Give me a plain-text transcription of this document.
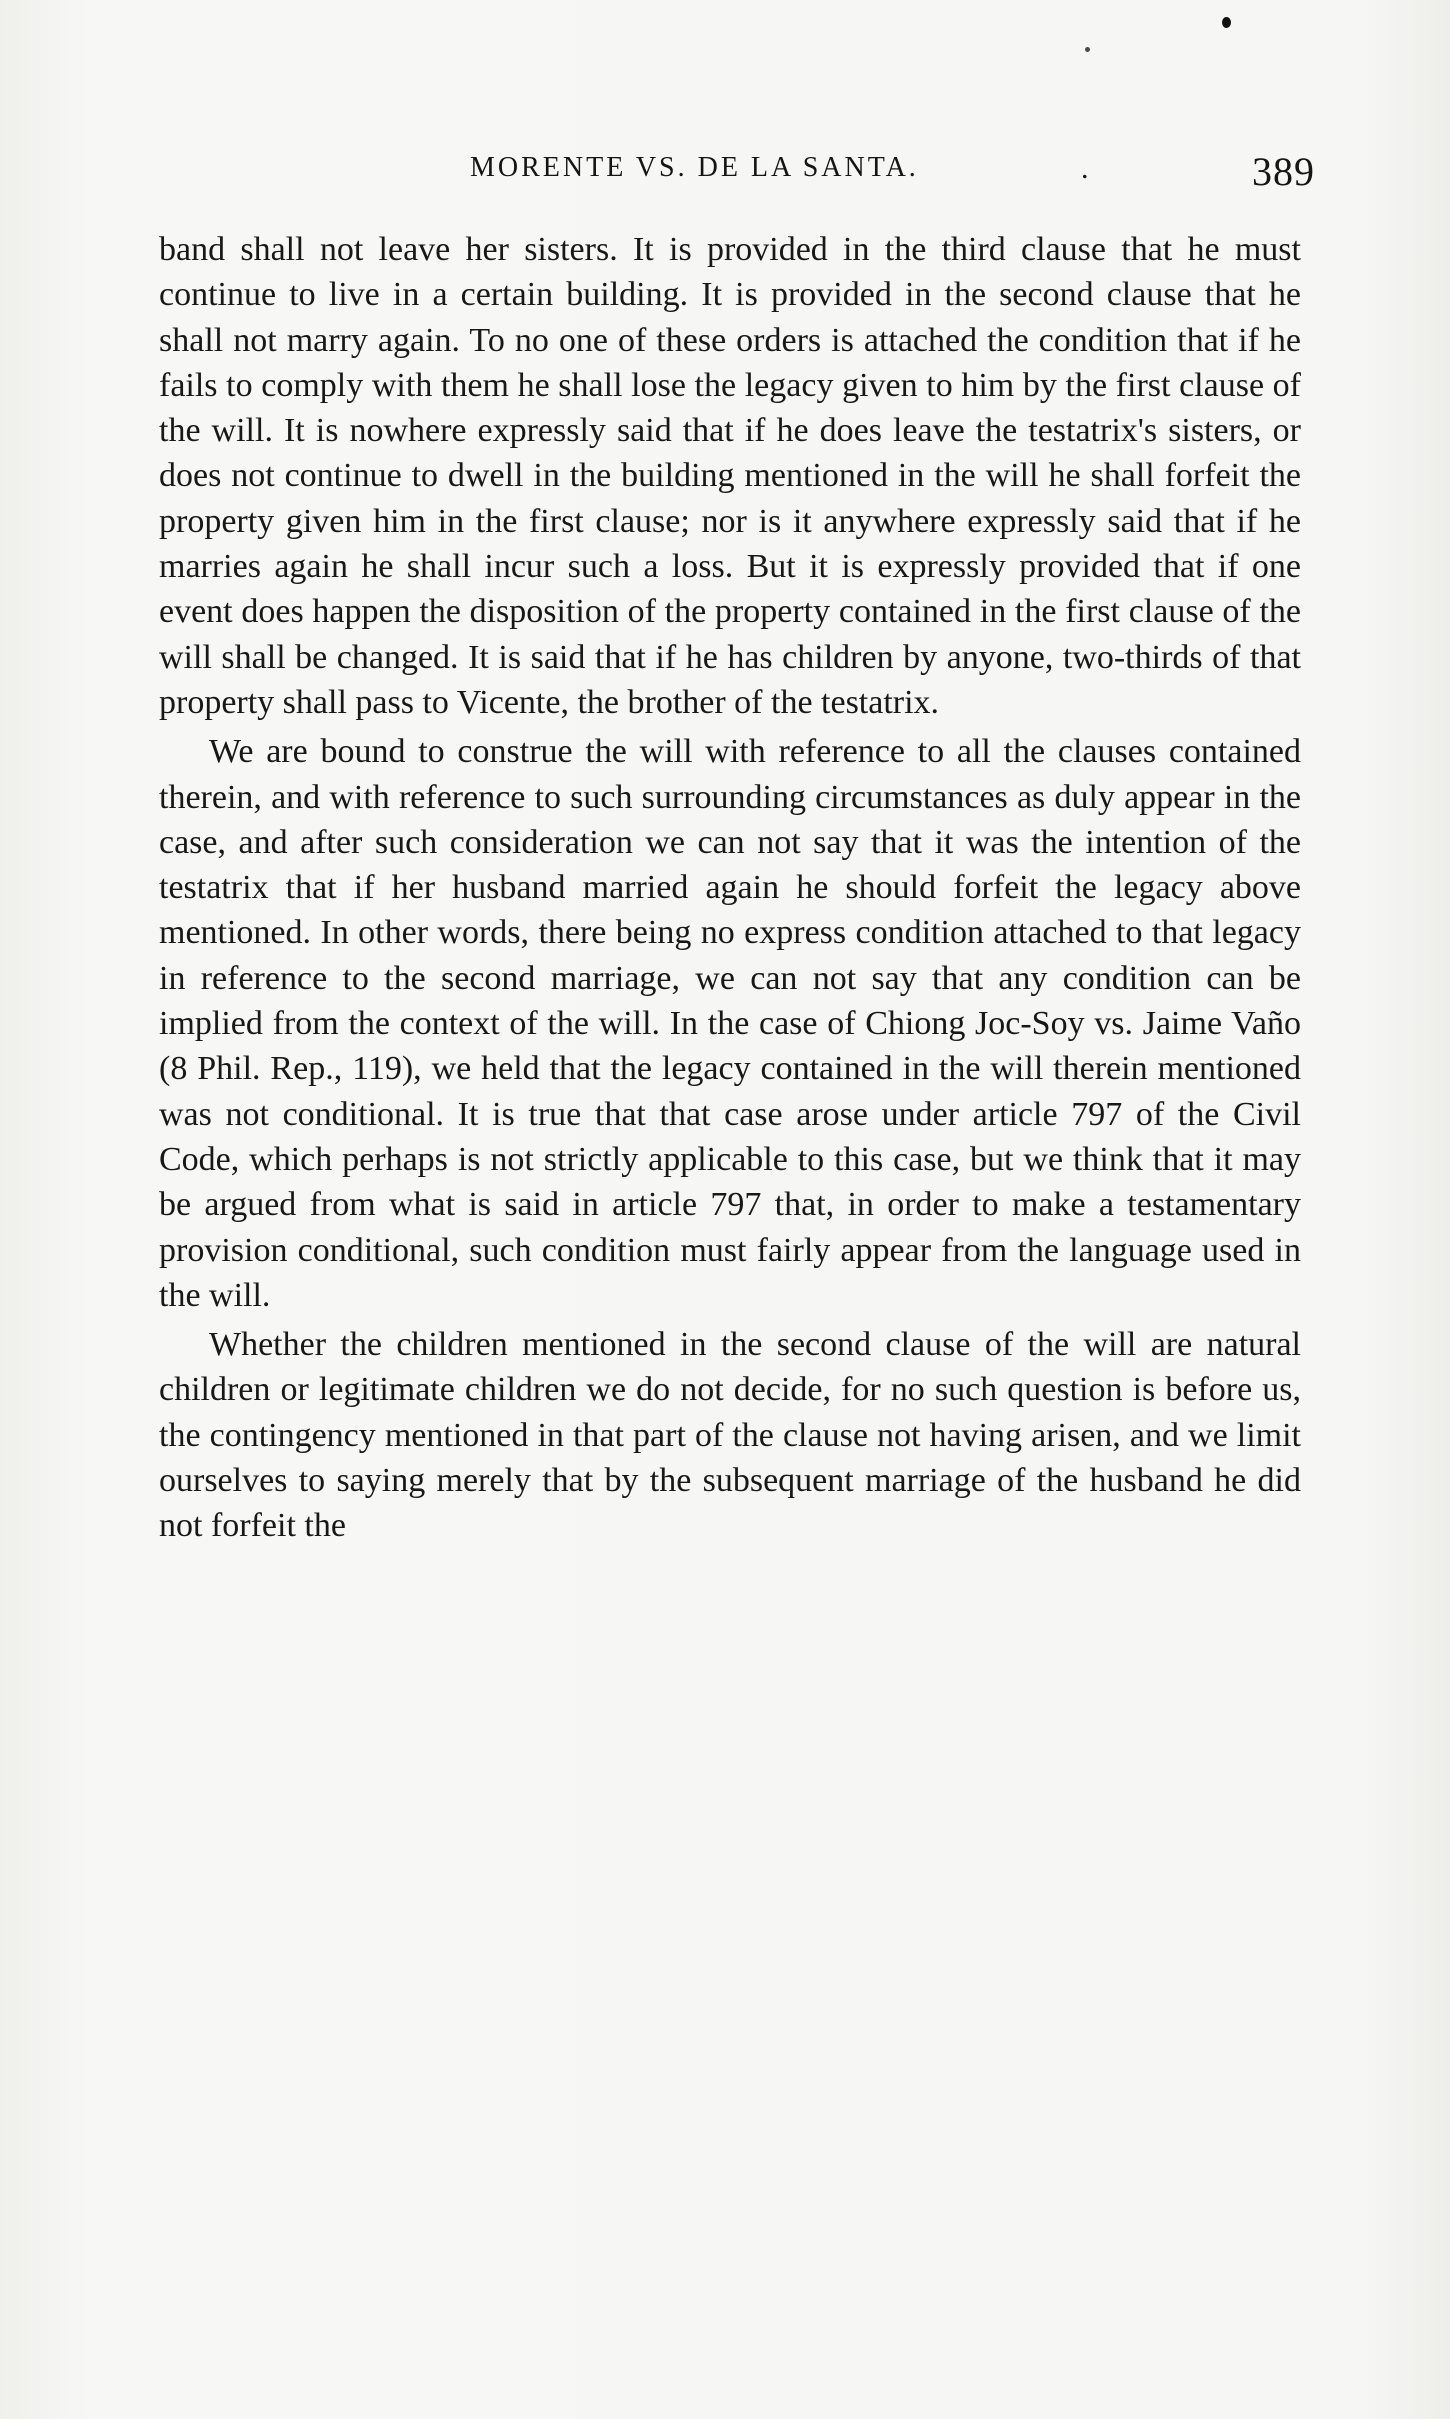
MORENTE VS. DE LA SANTA.	.	389

band shall not leave her sisters. It is provided in the third clause that he must continue to live in a certain building. It is provided in the second clause that he shall not marry again. To no one of these orders is attached the condition that if he fails to comply with them he shall lose the legacy given to him by the first clause of the will. It is nowhere expressly said that if he does leave the testatrix's sisters, or does not continue to dwell in the building mentioned in the will he shall forfeit the property given him in the first clause; nor is it anywhere expressly said that if he marries again he shall incur such a loss. But it is expressly provided that if one event does happen the disposition of the property contained in the first clause of the will shall be changed. It is said that if he has children by anyone, two-thirds of that property shall pass to Vicente, the brother of the testatrix.

We are bound to construe the will with reference to all the clauses contained therein, and with reference to such surrounding circumstances as duly appear in the case, and after such consideration we can not say that it was the intention of the testatrix that if her husband married again he should forfeit the legacy above mentioned. In other words, there being no express condition attached to that legacy in reference to the second marriage, we can not say that any condition can be implied from the context of the will. In the case of Chiong Joc-Soy vs. Jaime Vaño (8 Phil. Rep., 119), we held that the legacy contained in the will therein mentioned was not conditional. It is true that that case arose under article 797 of the Civil Code, which perhaps is not strictly applicable to this case, but we think that it may be argued from what is said in article 797 that, in order to make a testamentary provision conditional, such condition must fairly appear from the language used in the will.

Whether the children mentioned in the second clause of the will are natural children or legitimate children we do not decide, for no such question is before us, the contingency mentioned in that part of the clause not having arisen, and we limit ourselves to saying merely that by the subsequent marriage of the husband he did not forfeit the
